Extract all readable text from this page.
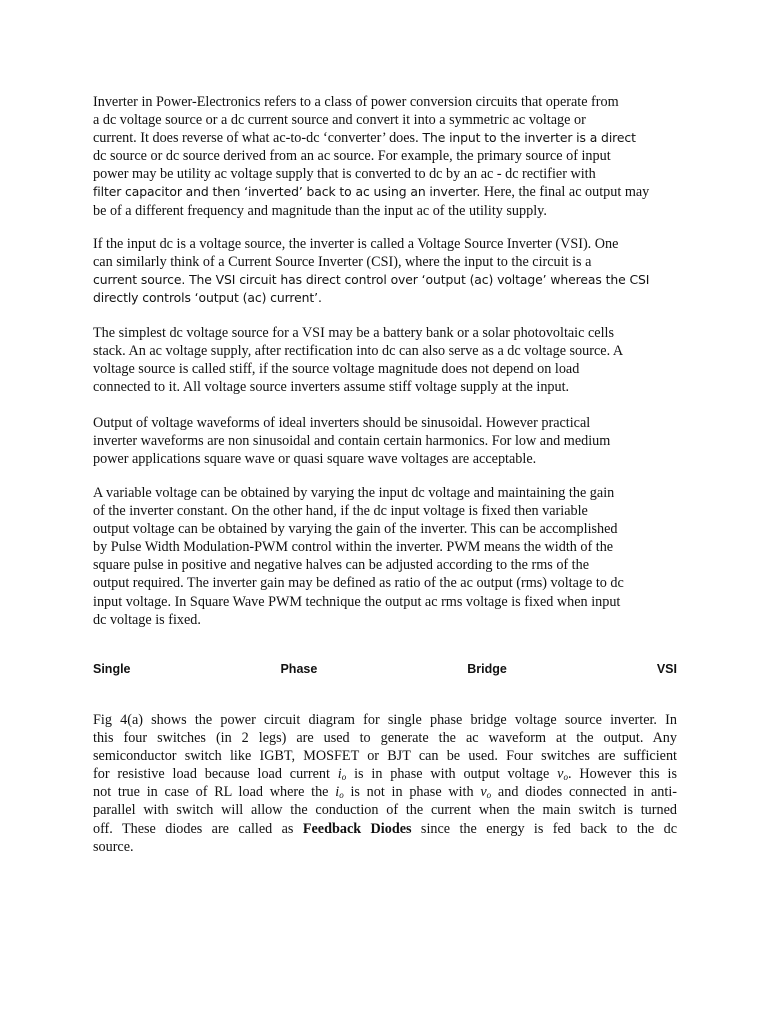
Inverter in Power-Electronics refers to a class of power conversion circuits that operate from
a dc voltage source or a dc current source and convert it into a symmetric ac voltage or
current. It does reverse of what ac-to-dc ‘converter’ does. The input to the inverter is a direct
dc source or dc source derived from an ac source. For example, the primary source of input
power may be utility ac voltage supply that is converted to dc by an ac - dc rectifier with
filter capacitor and then ‘inverted’ back to ac using an inverter. Here, the final ac output may
be of a different frequency and magnitude than the input ac of the utility supply.
If the input dc is a voltage source, the inverter is called a Voltage Source Inverter (VSI). One
can similarly think of a Current Source Inverter (CSI), where the input to the circuit is a
current source. The VSI circuit has direct control over ‘output (ac) voltage’ whereas the CSI
directly controls ‘output (ac) current’.
The simplest dc voltage source for a VSI may be a battery bank or a solar photovoltaic cells
stack. An ac voltage supply, after rectification into dc can also serve as a dc voltage source. A
voltage source is called stiff, if the source voltage magnitude does not depend on load
connected to it. All voltage source inverters assume stiff voltage supply at the input.
Output of voltage waveforms of ideal inverters should be sinusoidal. However practical
inverter waveforms are non sinusoidal and contain certain harmonics. For low and medium
power applications square wave or quasi square wave voltages are acceptable.
A variable voltage can be obtained by varying the input dc voltage and maintaining the gain
of the inverter constant. On the other hand, if the dc input voltage is fixed then variable
output voltage can be obtained by varying the gain of the inverter. This can be accomplished
by Pulse Width Modulation-PWM control within the inverter. PWM means the width of the
square pulse in positive and negative halves can be adjusted according to the rms of the
output required. The inverter gain may be defined as ratio of the ac output (rms) voltage to dc
input voltage. In Square Wave PWM technique the output ac rms voltage is fixed when input
dc voltage is fixed.
Single	Phase	Bridge	VSI
Fig 4(a) shows the power circuit diagram for single phase bridge voltage source inverter. In
this four switches (in 2 legs) are used to generate the ac waveform at the output. Any
semiconductor switch like IGBT, MOSFET or BJT can be used. Four switches are sufficient
for resistive load because load current $i_o$ is in phase with output voltage $v_o$. However this is
not true in case of RL load where the $i_o$ is not in phase with $v_o$ and diodes connected in anti-
parallel with switch will allow the conduction of the current when the main switch is turned
off. These diodes are called as Feedback Diodes since the energy is fed back to the dc
source.
